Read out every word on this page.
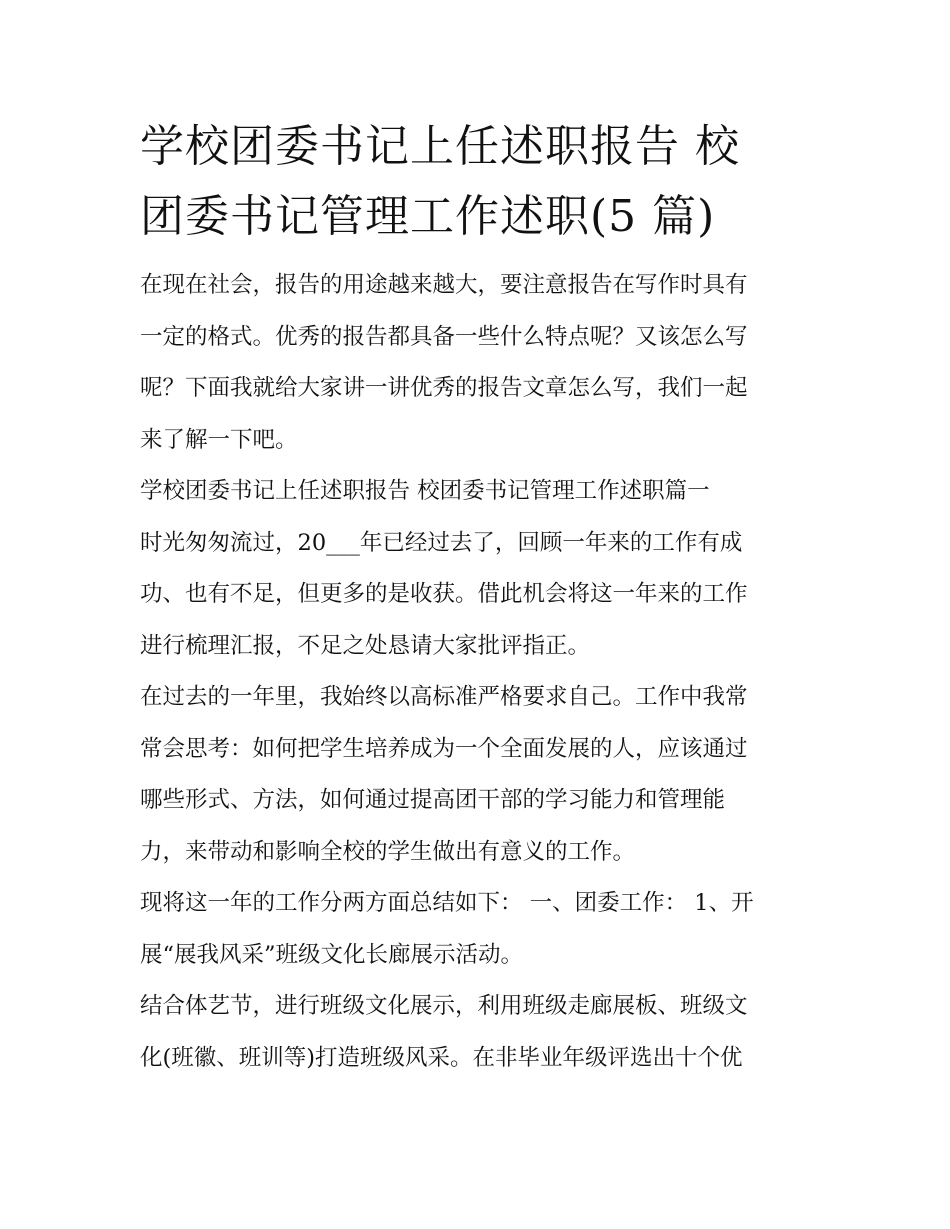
学校团委书记上任述职报告 校
团委书记管理工作述职(5 篇)

在现在社会，报告的用途越来越大，要注意报告在写作时具有
一定的格式。优秀的报告都具备一些什么特点呢？又该怎么写
呢？下面我就给大家讲一讲优秀的报告文章怎么写，我们一起
来了解一下吧。

学校团委书记上任述职报告 校团委书记管理工作述职篇一

时光匆匆流过，20___年已经过去了，回顾一年来的工作有成
功、也有不足，但更多的是收获。借此机会将这一年来的工作
进行梳理汇报，不足之处恳请大家批评指正。

在过去的一年里，我始终以高标准严格要求自己。工作中我常
常会思考：如何把学生培养成为一个全面发展的人，应该通过
哪些形式、方法，如何通过提高团干部的学习能力和管理能
力，来带动和影响全校的学生做出有意义的工作。

现将这一年的工作分两方面总结如下： 一、团委工作： 1、开
展“展我风采”班级文化长廊展示活动。

结合体艺节，进行班级文化展示，利用班级走廊展板、班级文
化(班徽、班训等)打造班级风采。在非毕业年级评选出十个优
